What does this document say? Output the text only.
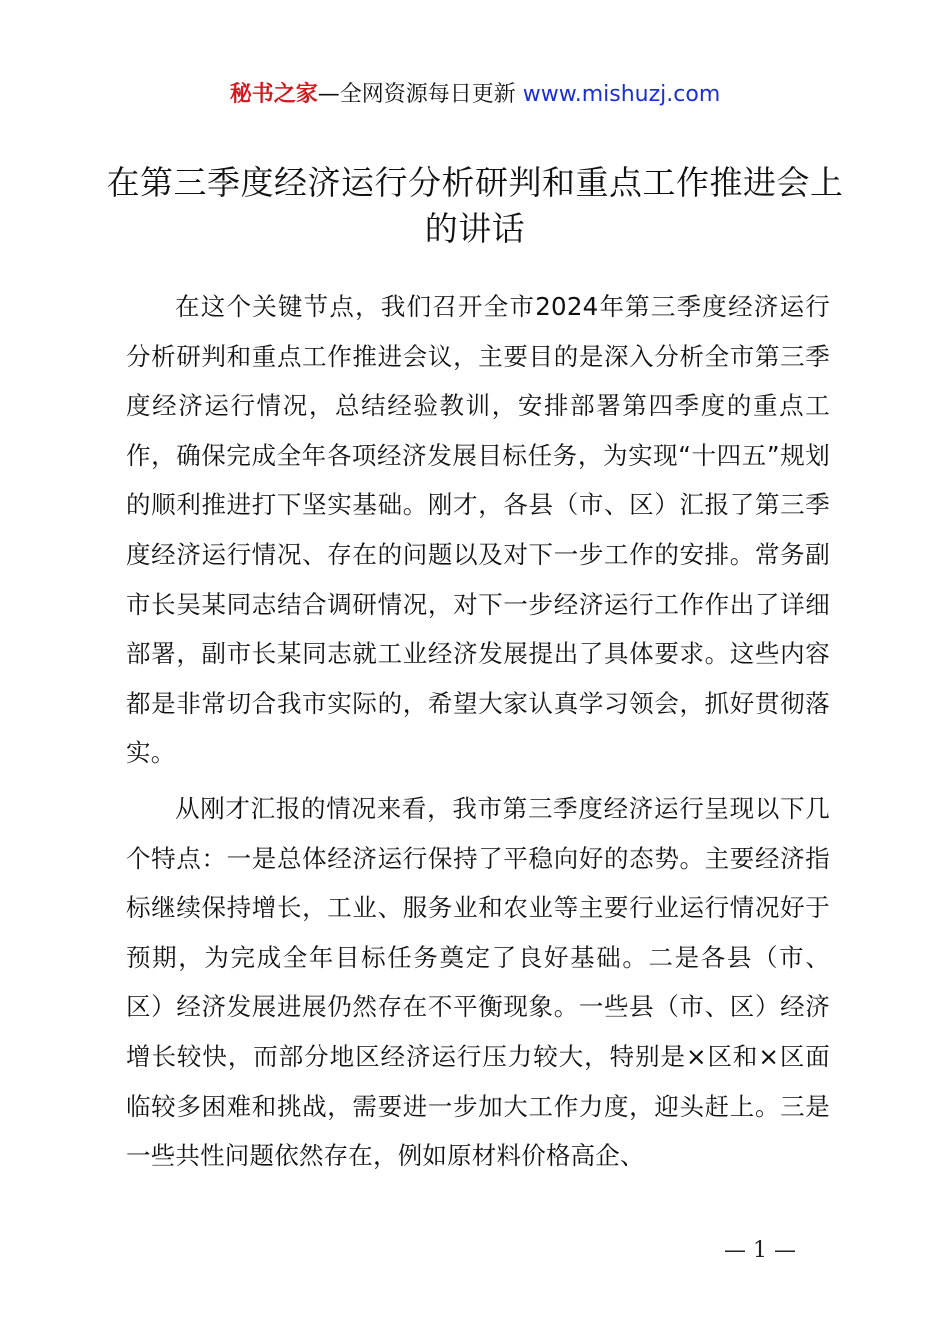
秘书之家—全网资源每日更新 www.mishuzj.com
在第三季度经济运行分析研判和重点工作推进会上的讲话

在这个关键节点，我们召开全市2024年第三季度经济运行分析研判和重点工作推进会议，主要目的是深入分析全市第三季度经济运行情况，总结经验教训，安排部署第四季度的重点工作，确保完成全年各项经济发展目标任务，为实现“十四五”规划的顺利推进打下坚实基础。刚才，各县（市、区）汇报了第三季度经济运行情况、存在的问题以及对下一步工作的安排。常务副市长吴某同志结合调研情况，对下一步经济运行工作作出了详细部署，副市长某同志就工业经济发展提出了具体要求。这些内容都是非常切合我市实际的，希望大家认真学习领会，抓好贯彻落实。

从刚才汇报的情况来看，我市第三季度经济运行呈现以下几个特点：一是总体经济运行保持了平稳向好的态势。主要经济指标继续保持增长，工业、服务业和农业等主要行业运行情况好于预期，为完成全年目标任务奠定了良好基础。二是各县（市、区）经济发展进展仍然存在不平衡现象。一些县（市、区）经济增长较快，而部分地区经济运行压力较大，特别是×区和×区面临较多困难和挑战，需要进一步加大工作力度，迎头赶上。三是一些共性问题依然存在，例如原材料价格高企、

— 1 —
